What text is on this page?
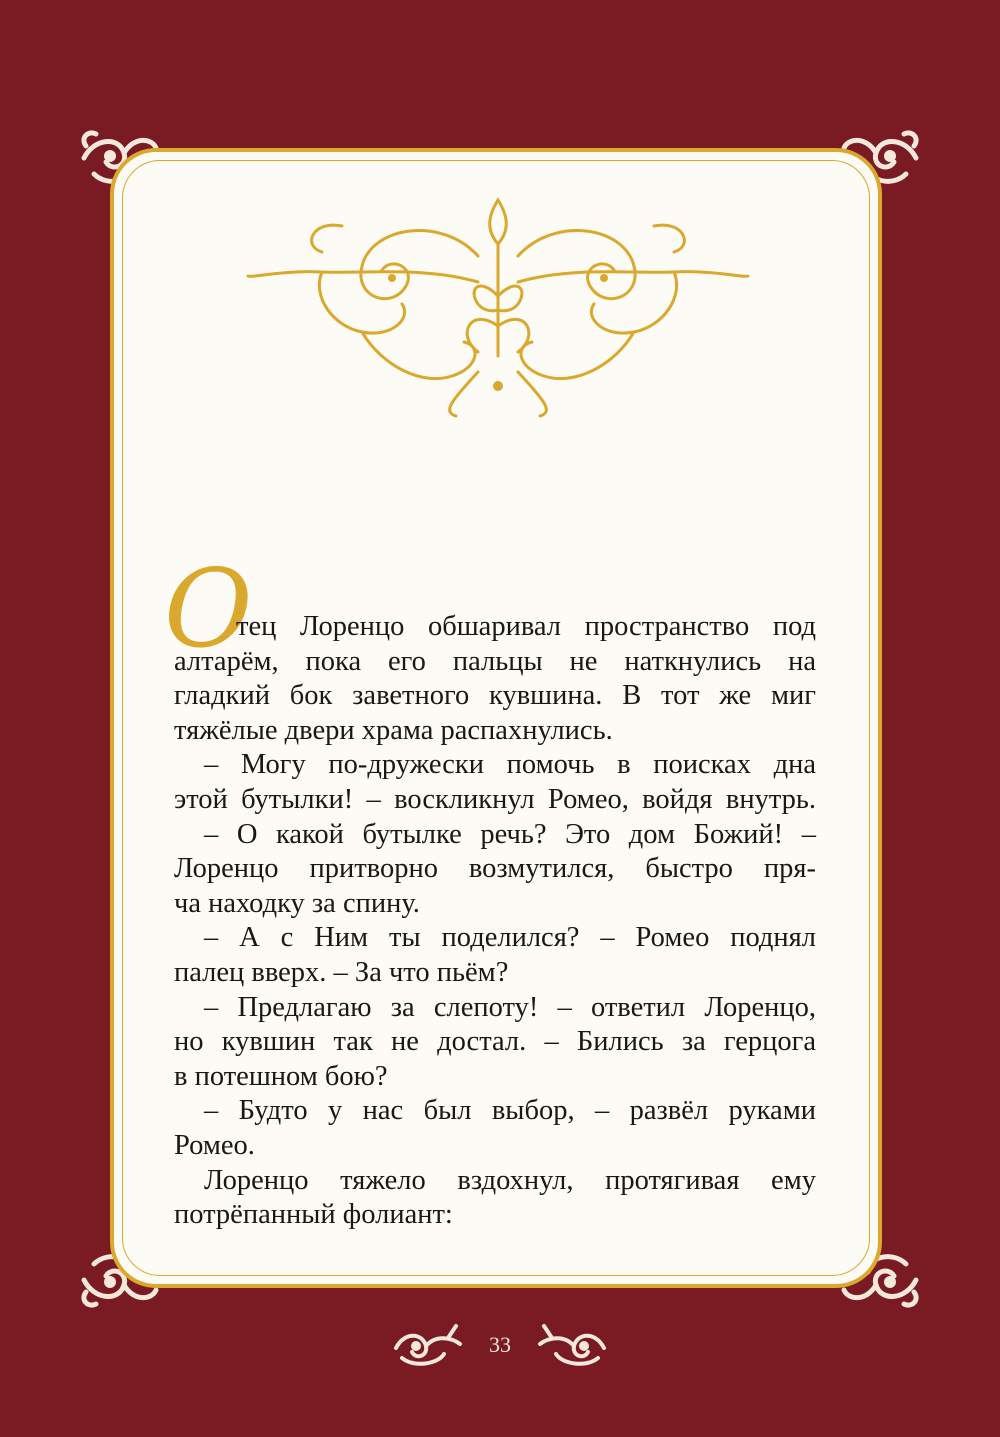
О
тец Лоренцо обшаривал пространство под
алтарём, пока его пальцы не наткнулись на
гладкий бок заветного кувшина. В тот же миг
тяжёлые двери храма распахнулись.
– Могу по-дружески помочь в поисках дна
этой бутылки! – воскликнул Ромео, войдя внутрь.
– О какой бутылке речь? Это дом Божий! –
Лоренцо притворно возмутился, быстро пря-
ча находку за спину.
– А с Ним ты поделился? – Ромео поднял
палец вверх. – За что пьём?
– Предлагаю за слепоту! – ответил Лоренцо,
но кувшин так не достал. – Бились за герцога
в потешном бою?
– Будто у нас был выбор, – развёл руками
Ромео.
Лоренцо тяжело вздохнул, протягивая ему
потрёпанный фолиант:
33
